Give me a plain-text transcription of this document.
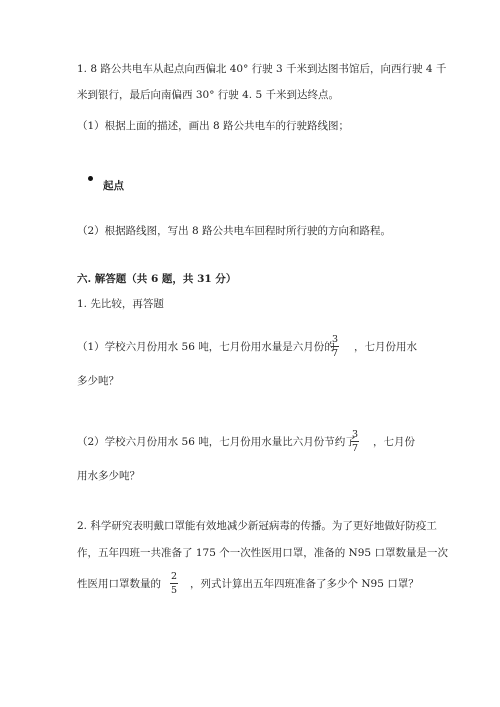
1. 8 路公共电车从起点向西偏北 40° 行驶 3 千米到达图书馆后，向西行驶 4 千
米到银行，最后向南偏西 30° 行驶 4. 5 千米到达终点。
（1）根据上面的描述，画出 8 路公共电车的行驶路线图；
起点
（2）根据路线图，写出 8 路公共电车回程时所行驶的方向和路程。
六. 解答题（共 6 题，共 31 分）
1. 先比较，再答题
（1）学校六月份用水 56 吨，七月份用水量是六月份的
3
7
，七月份用水
多少吨？
（2）学校六月份用水 56 吨，七月份用水量比六月份节约了
3
7
，七月份
用水多少吨？
2. 科学研究表明戴口罩能有效地减少新冠病毒的传播。为了更好地做好防疫工
作，五年四班一共准备了 175 个一次性医用口罩，准备的 N95 口罩数量是一次
性医用口罩数量的
2
5
，列式计算出五年四班准备了多少个 N95 口罩？
